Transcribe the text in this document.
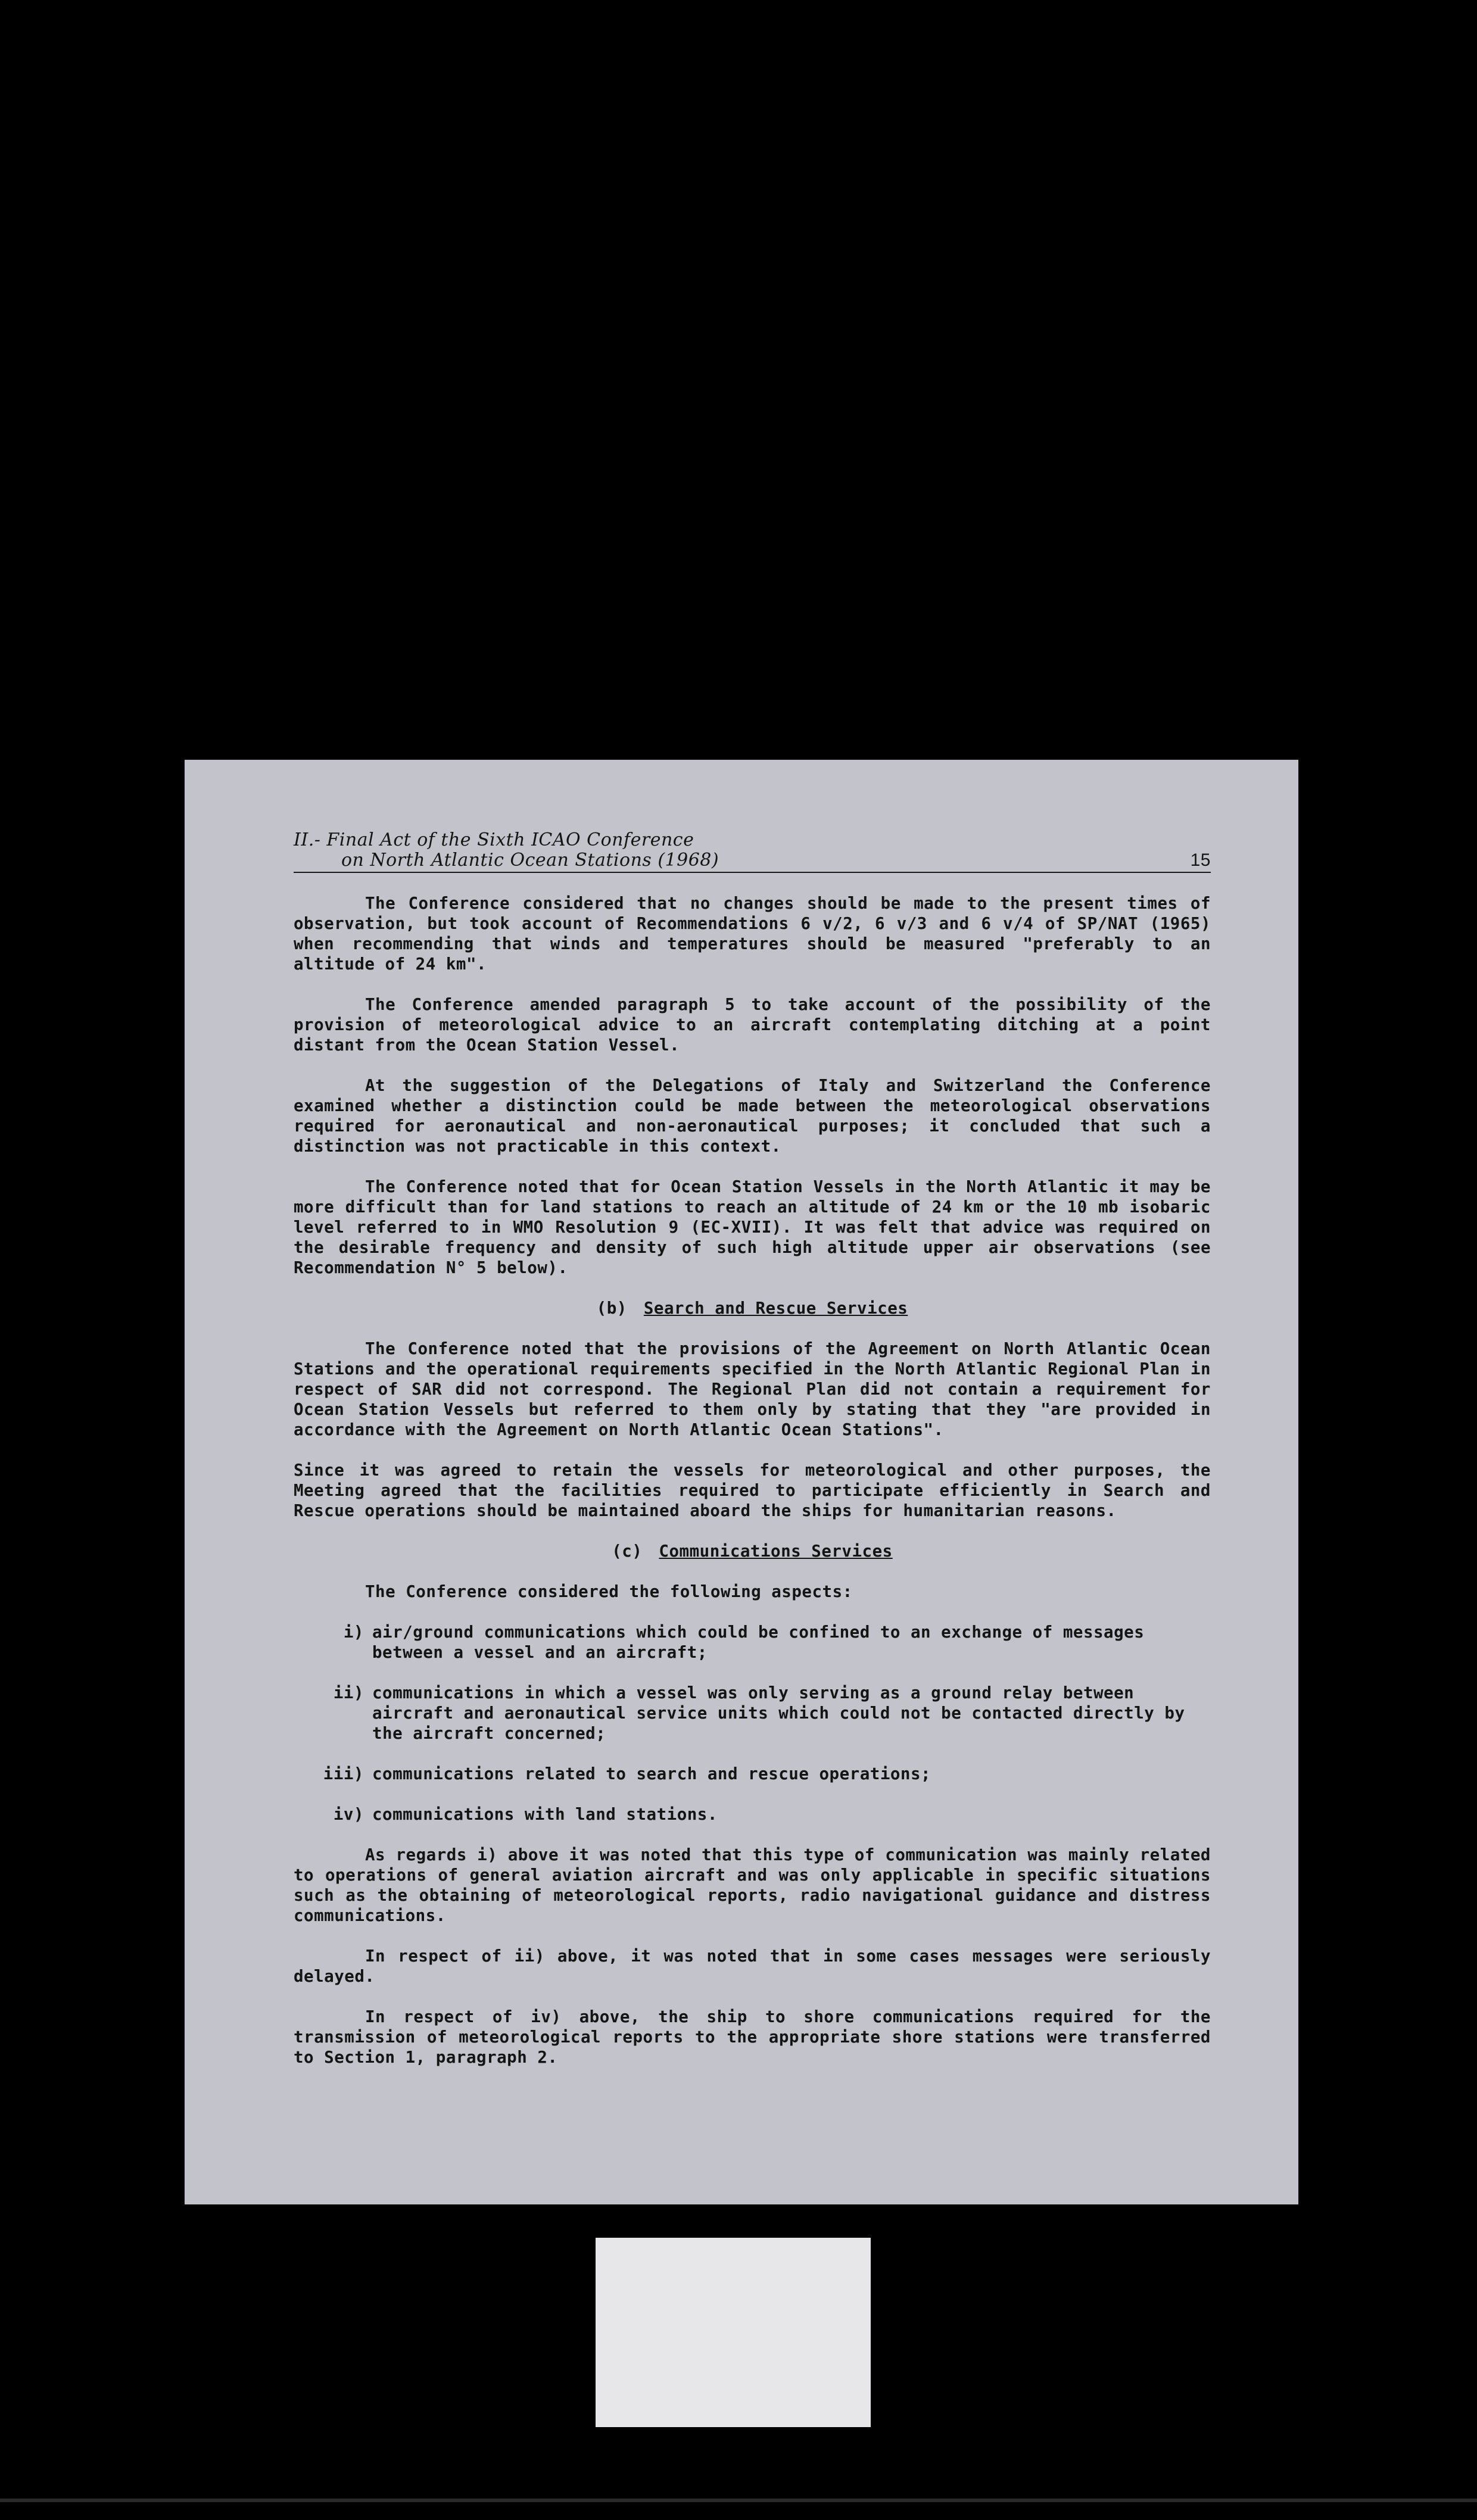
II.- Final Act of the Sixth ICAO Conference
on North Atlantic Ocean Stations (1968)	15

The Conference considered that no changes should be made to the present times of observation, but took account of Recommendations 6 v/2, 6 v/3 and 6 v/4 of SP/NAT (1965) when recommending that winds and temperatures should be measured "preferably to an altitude of 24 km".

The Conference amended paragraph 5 to take account of the possibility of the provision of meteorological advice to an aircraft contemplating ditching at a point distant from the Ocean Station Vessel.

At the suggestion of the Delegations of Italy and Switzerland the Conference examined whether a distinction could be made between the meteorological observations required for aeronautical and non-aeronautical purposes; it concluded that such a distinction was not practicable in this context.

The Conference noted that for Ocean Station Vessels in the North Atlantic it may be more difficult than for land stations to reach an altitude of 24 km or the 10 mb isobaric level referred to in WMO Resolution 9 (EC-XVII). It was felt that advice was required on the desirable frequency and density of such high altitude upper air observations (see Recommendation N° 5 below).

(b) Search and Rescue Services

The Conference noted that the provisions of the Agreement on North Atlantic Ocean Stations and the operational requirements specified in the North Atlantic Regional Plan in respect of SAR did not correspond. The Regional Plan did not contain a requirement for Ocean Station Vessels but referred to them only by stating that they "are provided in accordance with the Agreement on North Atlantic Ocean Stations".

Since it was agreed to retain the vessels for meteorological and other purposes, the Meeting agreed that the facilities required to participate efficiently in Search and Rescue operations should be maintained aboard the ships for humanitarian reasons.

(c) Communications Services

The Conference considered the following aspects:

i) air/ground communications which could be confined to an exchange of messages between a vessel and an aircraft;
ii) communications in which a vessel was only serving as a ground relay between aircraft and aeronautical service units which could not be contacted directly by the aircraft concerned;
iii) communications related to search and rescue operations;
iv) communications with land stations.

As regards i) above it was noted that this type of communication was mainly related to operations of general aviation aircraft and was only applicable in specific situations such as the obtaining of meteorological reports, radio navigational guidance and distress communications.

In respect of ii) above, it was noted that in some cases messages were seriously delayed.

In respect of iv) above, the ship to shore communications required for the transmission of meteorological reports to the appropriate shore stations were transferred to Section 1, paragraph 2.
